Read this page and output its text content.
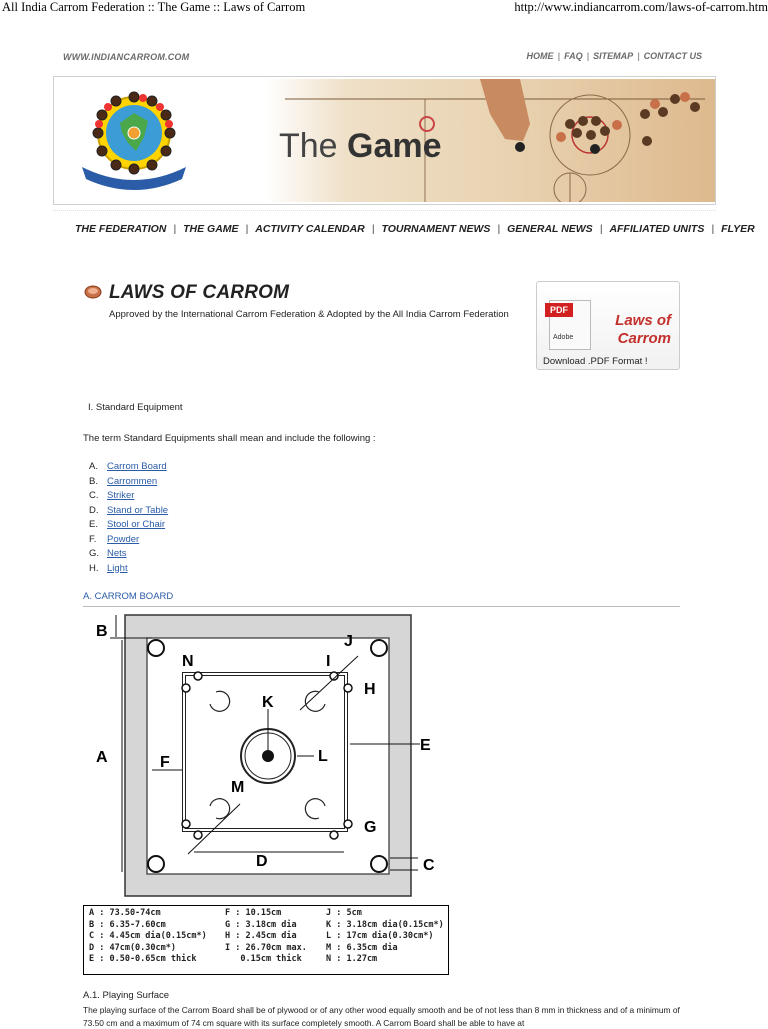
All India Carrom Federation :: The Game :: Laws of Carrom	http://www.indiancarrom.com/laws-of-carrom.htm
WWW.INDIANCARROM.COM	HOME | FAQ | SITEMAP | CONTACT US
The Game
THE FEDERATION | THE GAME | ACTIVITY CALENDAR | TOURNAMENT NEWS | GENERAL NEWS | AFFILIATED UNITS | FLYER
LAWS OF CARROM
Approved by the International Carrom Federation & Adopted by the All India Carrom Federation	PDF
Adobe
Laws of
Carrom
Download .PDF Format !
I. Standard Equipment
The term Standard Equipments shall mean and include the following :
A. Carrom Board
B. Carrommen
C. Striker
D. Stand or Table
E. Stool or Chair
F. Powder
G. Nets
H. Light
A. CARROM BOARD
B
A	F
N
K
L
I
J
H
E
M
G
D	C
A : 73.50-74cm
B : 6.35-7.60cm
C : 4.45cm dia(0.15cm*)
D : 47cm(0.30cm*)
E : 0.50-0.65cm thick
F : 10.15cm
G : 3.18cm dia
H : 2.45cm dia
I : 26.70cm max.
0.15cm thick
J : 5cm
K : 3.18cm dia(0.15cm*)
L : 17cm dia(0.30cm*)
M : 6.35cm dia
N : 1.27cm
A.1. Playing Surface
The playing surface of the Carrom Board shall be of plywood or of any other wood equally smooth and be of not less than 8 mm in thickness and of a minimum of 73.50 cm and a maximum of 74 cm square with its surface completely smooth. A Carrom Board shall be able to have at
